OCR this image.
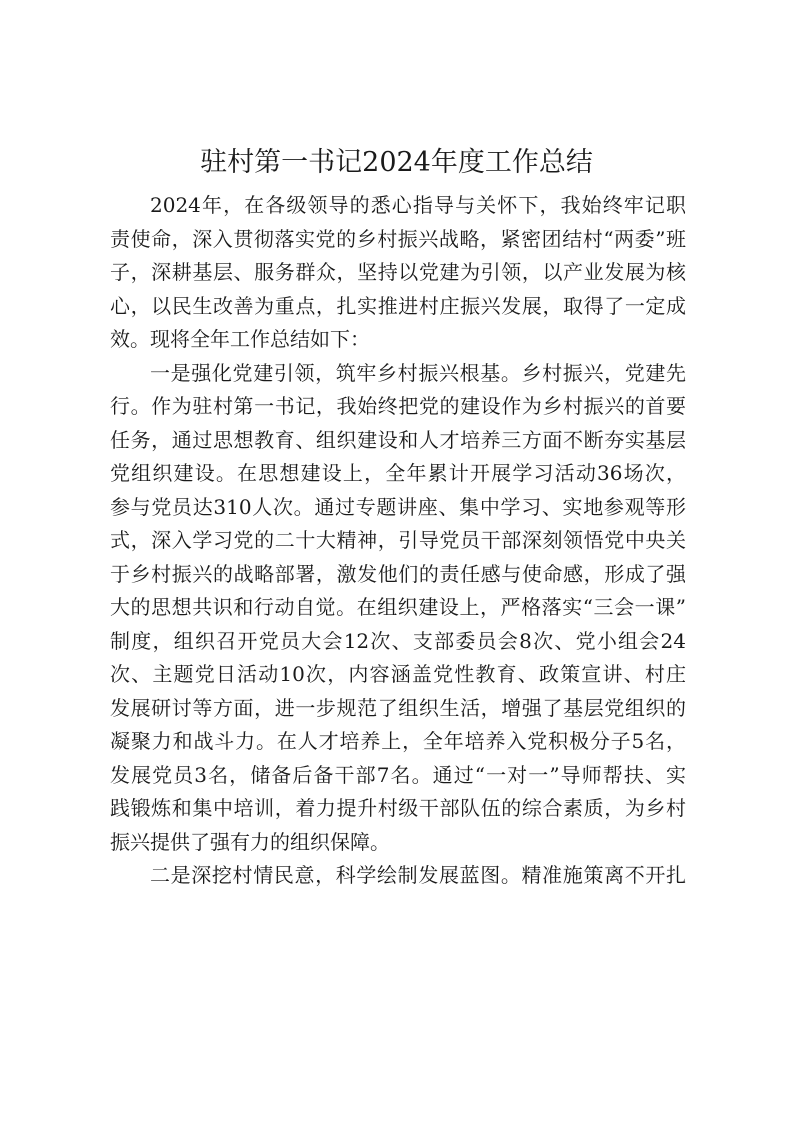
驻村第一书记2024年度工作总结
2024年，在各级领导的悉心指导与关怀下，我始终牢记职
责使命，深入贯彻落实党的乡村振兴战略，紧密团结村“两委”班
子，深耕基层、服务群众，坚持以党建为引领，以产业发展为核
心，以民生改善为重点，扎实推进村庄振兴发展，取得了一定成
效。现将全年工作总结如下：
一是强化党建引领，筑牢乡村振兴根基。乡村振兴，党建先
行。作为驻村第一书记，我始终把党的建设作为乡村振兴的首要
任务，通过思想教育、组织建设和人才培养三方面不断夯实基层
党组织建设。在思想建设上，全年累计开展学习活动36场次，
参与党员达310人次。通过专题讲座、集中学习、实地参观等形
式，深入学习党的二十大精神，引导党员干部深刻领悟党中央关
于乡村振兴的战略部署，激发他们的责任感与使命感，形成了强
大的思想共识和行动自觉。在组织建设上，严格落实“三会一课”
制度，组织召开党员大会12次、支部委员会8次、党小组会24
次、主题党日活动10次，内容涵盖党性教育、政策宣讲、村庄
发展研讨等方面，进一步规范了组织生活，增强了基层党组织的
凝聚力和战斗力。在人才培养上，全年培养入党积极分子5名，
发展党员3名，储备后备干部7名。通过“一对一”导师帮扶、实
践锻炼和集中培训，着力提升村级干部队伍的综合素质，为乡村
振兴提供了强有力的组织保障。
二是深挖村情民意，科学绘制发展蓝图。精准施策离不开扎
